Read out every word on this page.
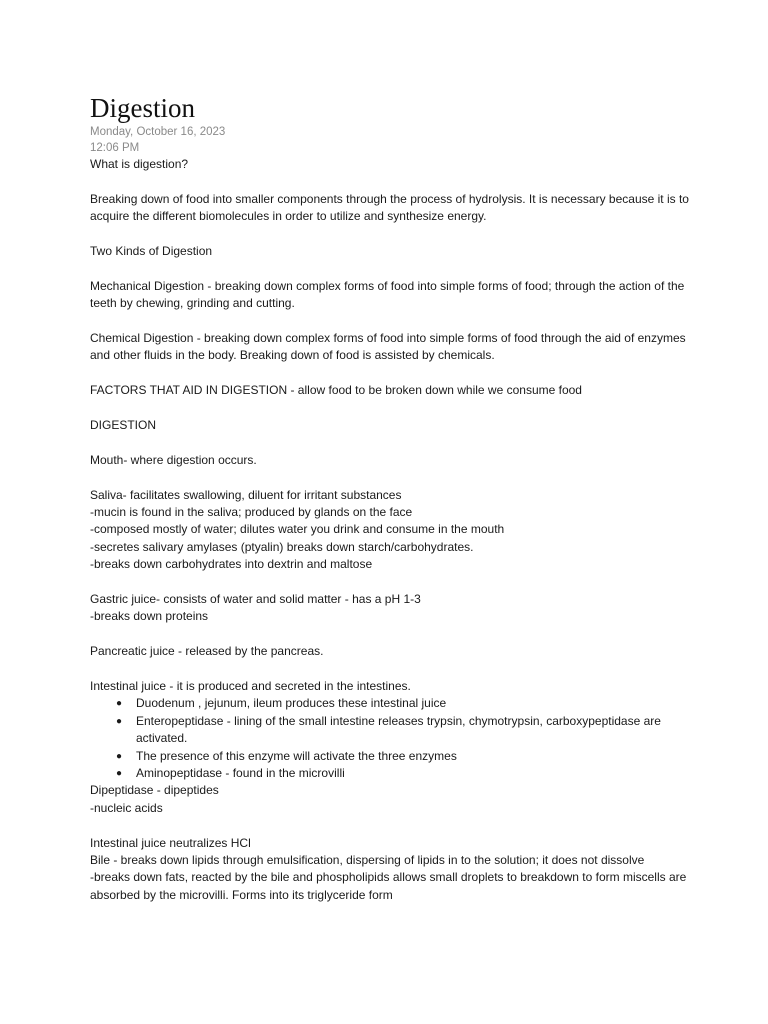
Digestion
Monday, October 16, 2023
12:06 PM

What is digestion?

Breaking down of food into smaller components through the process of hydrolysis. It is necessary because it is to acquire the different biomolecules in order to utilize and synthesize energy.

Two Kinds of Digestion

Mechanical Digestion - breaking down complex forms of food into simple forms of food; through the action of the teeth by chewing, grinding and cutting.

Chemical Digestion - breaking down complex forms of food into simple forms of food through the aid of enzymes and other fluids in the body. Breaking down of food is assisted by chemicals.

FACTORS THAT AID IN DIGESTION - allow food to be broken down while we consume food

DIGESTION

Mouth- where digestion occurs.

Saliva- facilitates swallowing, diluent for irritant substances

-mucin is found in the saliva; produced by glands on the face

-composed mostly of water; dilutes water you drink and consume in the mouth

-secretes salivary amylases (ptyalin) breaks down starch/carbohydrates.

-breaks down carbohydrates into dextrin and maltose

Gastric juice- consists of water and solid matter - has a pH 1-3

-breaks down proteins

Pancreatic juice - released by the pancreas.

Intestinal juice - it is produced and secreted in the intestines.

● Duodenum , jejunum, ileum produces these intestinal juice
● Enteropeptidase - lining of the small intestine releases trypsin, chymotrypsin, carboxypeptidase are activated.
● The presence of this enzyme will activate the three enzymes
● Aminopeptidase - found in the microvilli

Dipeptidase - dipeptides

-nucleic acids

Intestinal juice neutralizes HCl

Bile - breaks down lipids through emulsification, dispersing of lipids in to the solution; it does not dissolve

-breaks down fats, reacted by the bile and phospholipids allows small droplets to breakdown to form miscells are absorbed by the microvilli. Forms into its triglyceride form
